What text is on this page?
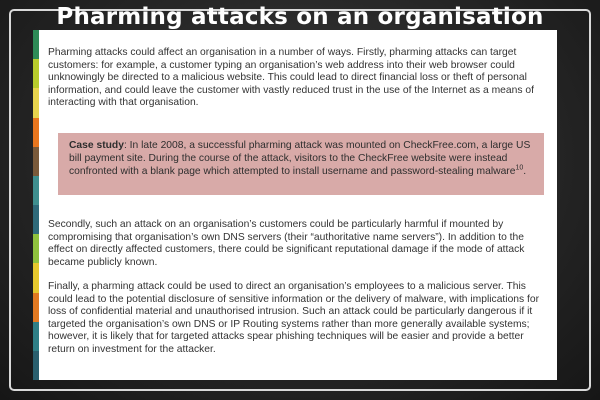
Pharming attacks on an organisation

Pharming attacks could affect an organisation in a number of ways. Firstly, pharming attacks can target customers: for example, a customer typing an organisation’s web address into their web browser could unknowingly be directed to a malicious website. This could lead to direct financial loss or theft of personal information, and could leave the customer with vastly reduced trust in the use of the Internet as a means of interacting with that organisation.

Case study: In late 2008, a successful pharming attack was mounted on CheckFree.com, a large US bill payment site. During the course of the attack, visitors to the CheckFree website were instead confronted with a blank page which attempted to install username and password-stealing malware$^{10}$.

Secondly, such an attack on an organisation’s customers could be particularly harmful if mounted by compromising that organisation’s own DNS servers (their “authoritative name servers”). In addition to the effect on directly affected customers, there could be significant reputational damage if the mode of attack became publicly known.

Finally, a pharming attack could be used to direct an organisation’s employees to a malicious server. This could lead to the potential disclosure of sensitive information or the delivery of malware, with implications for loss of confidential material and unauthorised intrusion. Such an attack could be particularly dangerous if it targeted the organisation’s own DNS or IP Routing systems rather than more generally available systems; however, it is likely that for targeted attacks spear phishing techniques will be easier and provide a better return on investment for the attacker.
